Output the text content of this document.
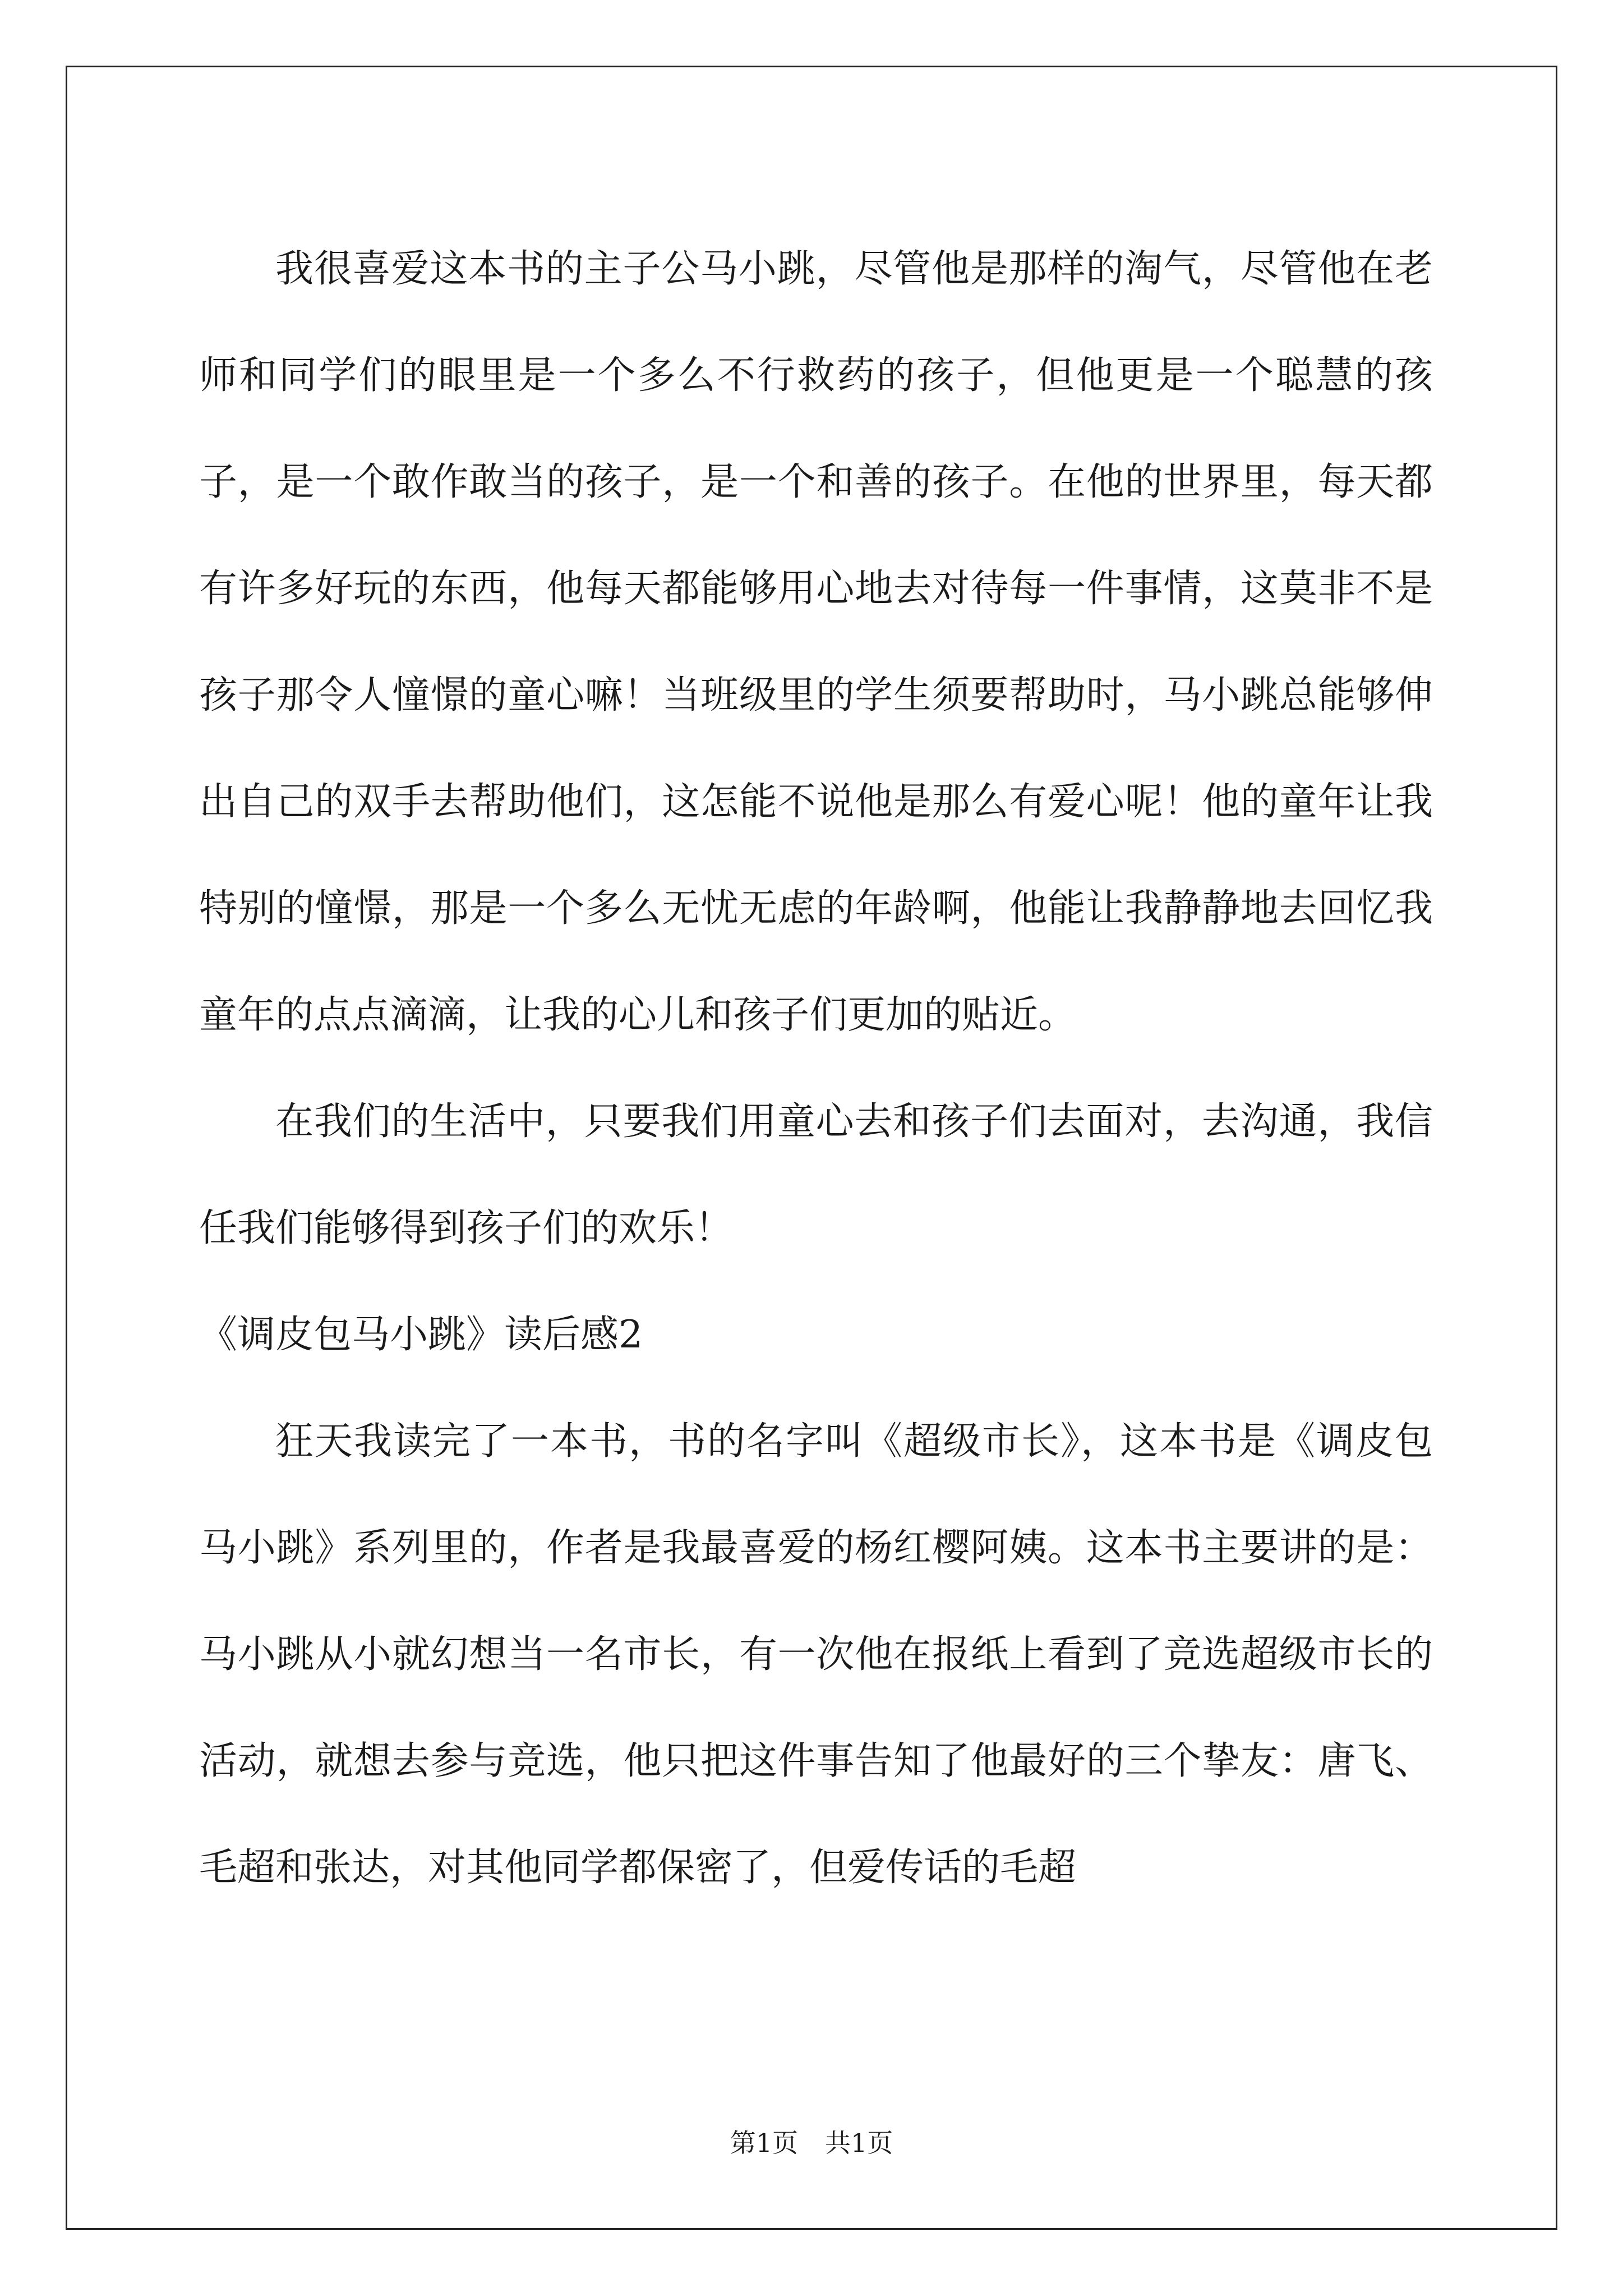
我很喜爱这本书的主子公马小跳，尽管他是那样的淘气，尽管他在老师和同学们的眼里是一个多么不行救药的孩子，但他更是一个聪慧的孩子，是一个敢作敢当的孩子，是一个和善的孩子。在他的世界里，每天都有许多好玩的东西，他每天都能够用心地去对待每一件事情，这莫非不是孩子那令人憧憬的童心嘛！当班级里的学生须要帮助时，马小跳总能够伸出自己的双手去帮助他们，这怎能不说他是那么有爱心呢！他的童年让我特别的憧憬，那是一个多么无忧无虑的年龄啊，他能让我静静地去回忆我童年的点点滴滴，让我的心儿和孩子们更加的贴近。

在我们的生活中，只要我们用童心去和孩子们去面对，去沟通，我信任我们能够得到孩子们的欢乐！

《调皮包马小跳》读后感2

狂天我读完了一本书，书的名字叫《超级市长》，这本书是《调皮包马小跳》系列里的，作者是我最喜爱的杨红樱阿姨。这本书主要讲的是：马小跳从小就幻想当一名市长，有一次他在报纸上看到了竞选超级市长的活动，就想去参与竞选，他只把这件事告知了他最好的三个挚友：唐飞、毛超和张达，对其他同学都保密了，但爱传话的毛超

第1页 共1页
